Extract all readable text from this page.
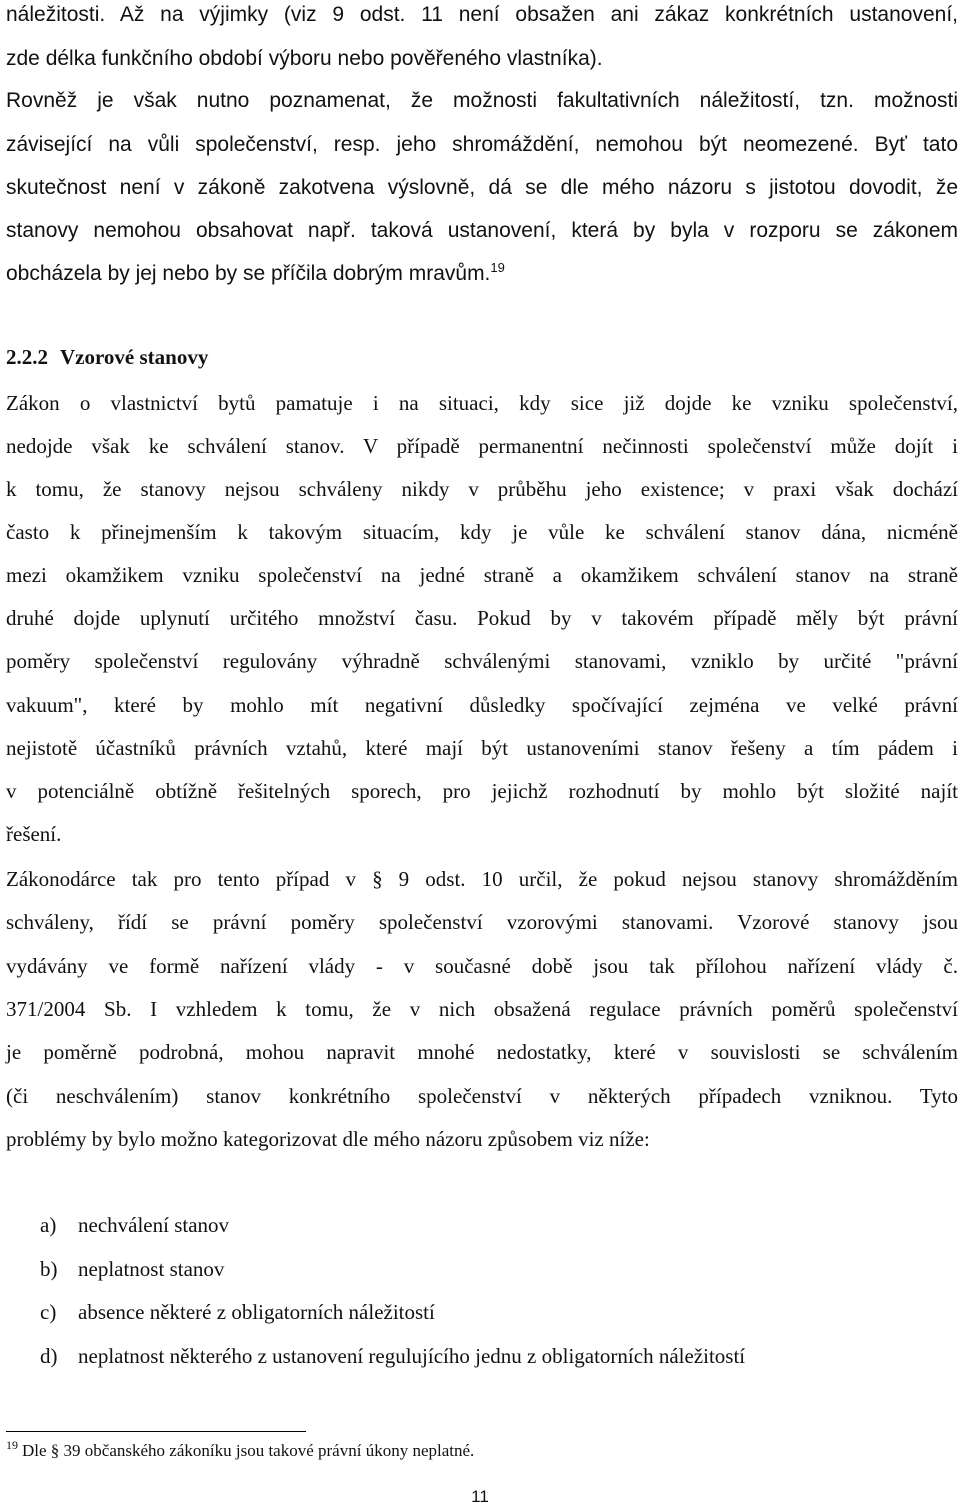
náležitosti. Až na výjimky (viz 9 odst. 11 není obsažen ani zákaz konkrétních ustanovení,
zde délka funkčního období výboru nebo pověřeného vlastníka).
Rovněž je však nutno poznamenat, že možnosti fakultativních náležitostí, tzn. možnosti
závisející na vůli společenství, resp. jeho shromáždění, nemohou být neomezené. Byť tato
skutečnost není v zákoně zakotvena výslovně, dá se dle mého názoru s jistotou dovodit, že
stanovy nemohou obsahovat např. taková ustanovení, která by byla v rozporu se zákonem
obcházela by jej nebo by se příčila dobrým mravům.$^{19}$
2.2.2 Vzorové stanovy
Zákon o vlastnictví bytů pamatuje i na situaci, kdy sice již dojde ke vzniku společenství,
nedojde však ke schválení stanov. V případě permanentní nečinnosti společenství může dojít i
k tomu, že stanovy nejsou schváleny nikdy v průběhu jeho existence; v praxi však dochází
často k přinejmenším k takovým situacím, kdy je vůle ke schválení stanov dána, nicméně
mezi okamžikem vzniku společenství na jedné straně a okamžikem schválení stanov na straně
druhé dojde uplynutí určitého množství času. Pokud by v takovém případě měly být právní
poměry společenství regulovány výhradně schválenými stanovami, vzniklo by určité "právní
vakuum", které by mohlo mít negativní důsledky spočívající zejména ve velké právní
nejistotě účastníků právních vztahů, které mají být ustanoveními stanov řešeny a tím pádem i
v potenciálně obtížně řešitelných sporech, pro jejichž rozhodnutí by mohlo být složité najít
řešení.
Zákonodárce tak pro tento případ v § 9 odst. 10 určil, že pokud nejsou stanovy shromážděním
schváleny, řídí se právní poměry společenství vzorovými stanovami. Vzorové stanovy jsou
vydávány ve formě nařízení vlády - v současné době jsou tak přílohou nařízení vlády č.
371/2004 Sb. I vzhledem k tomu, že v nich obsažená regulace právních poměrů společenství
je poměrně podrobná, mohou napravit mnohé nedostatky, které v souvislosti se schválením
(či neschválením) stanov konkrétního společenství v některých případech vzniknou. Tyto
problémy by bylo možno kategorizovat dle mého názoru způsobem viz níže:
a) nechválení stanov
b) neplatnost stanov
c) absence některé z obligatorních náležitostí
d) neplatnost některého z ustanovení regulujícího jednu z obligatorních náležitostí
$^{19}$ Dle § 39 občanského zákoníku jsou takové právní úkony neplatné.
11
